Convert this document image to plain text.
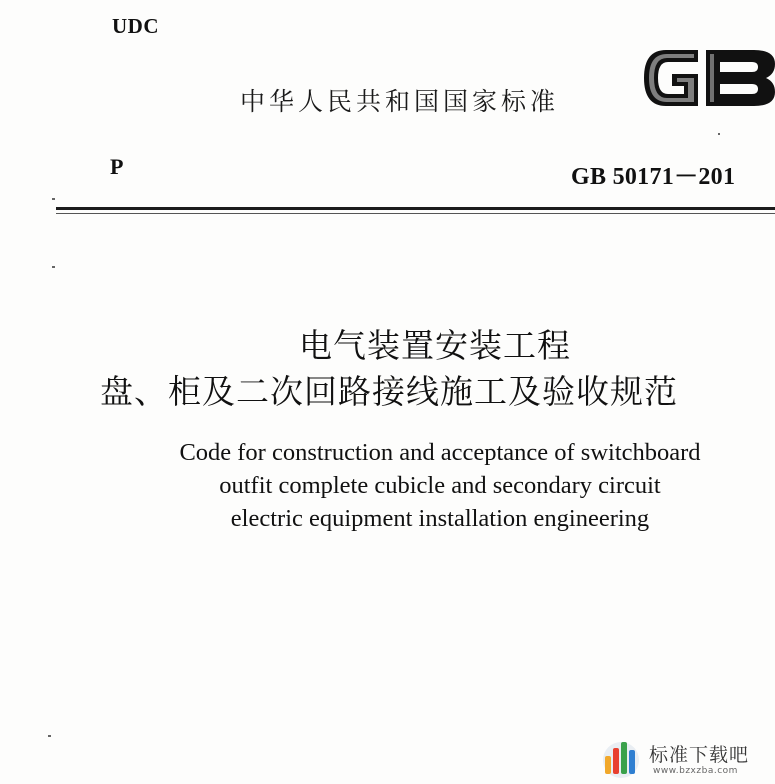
UDC
中华人民共和国国家标准
P	GB 50171－201
电气装置安装工程
盘、柜及二次回路接线施工及验收规范
Code for construction and acceptance of switchboard
outfit complete cubicle and secondary circuit
electric equipment installation engineering
标准下载吧
www.bzxzba.com
